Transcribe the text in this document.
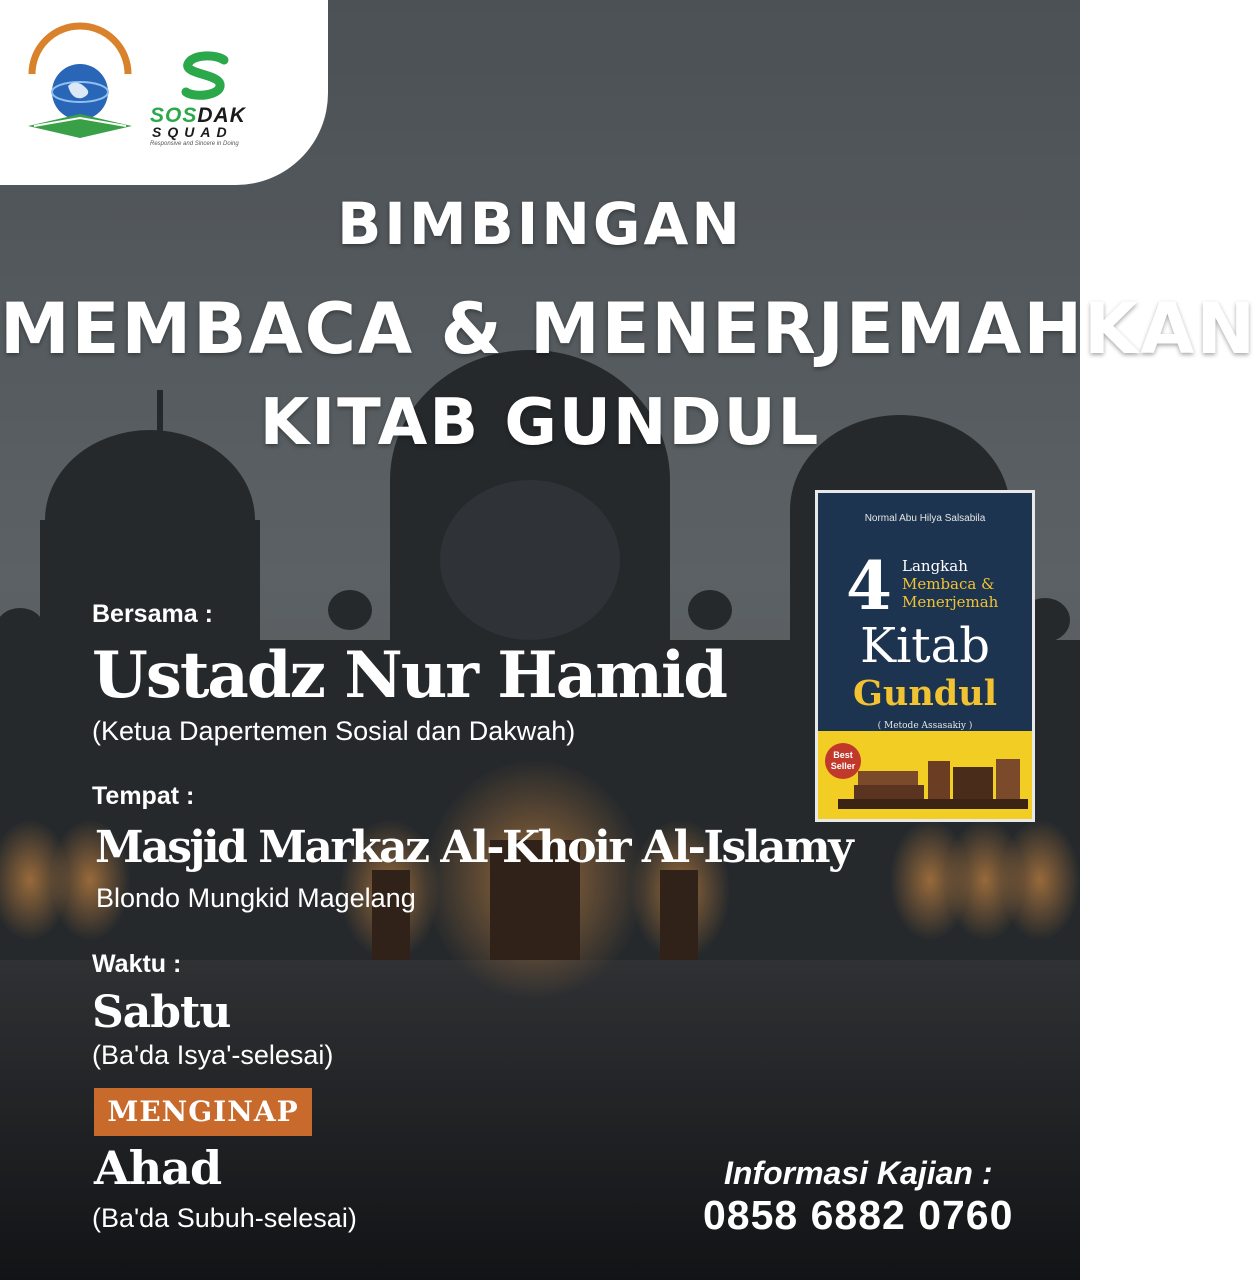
SOSDAK
SQUAD
Responsive and Sincere in Doing
BIMBINGAN
MEMBACA & MENERJEMAHKAN
KITAB GUNDUL
Bersama :
Ustadz Nur Hamid
(Ketua Dapertemen Sosial dan Dakwah)
Tempat :
Masjid Markaz Al-Khoir Al-Islamy
Blondo Mungkid Magelang
Waktu :
Sabtu
(Ba'da Isya'-selesai)
MENGINAP
Ahad
(Ba'da Subuh-selesai)
Informasi Kajian :
0858 6882 0760
Normal Abu Hilya Salsabila
4 Langkah
Membaca &
Menerjemah
Kitab
Gundul
( Metode Assasakiy )
Best Seller
